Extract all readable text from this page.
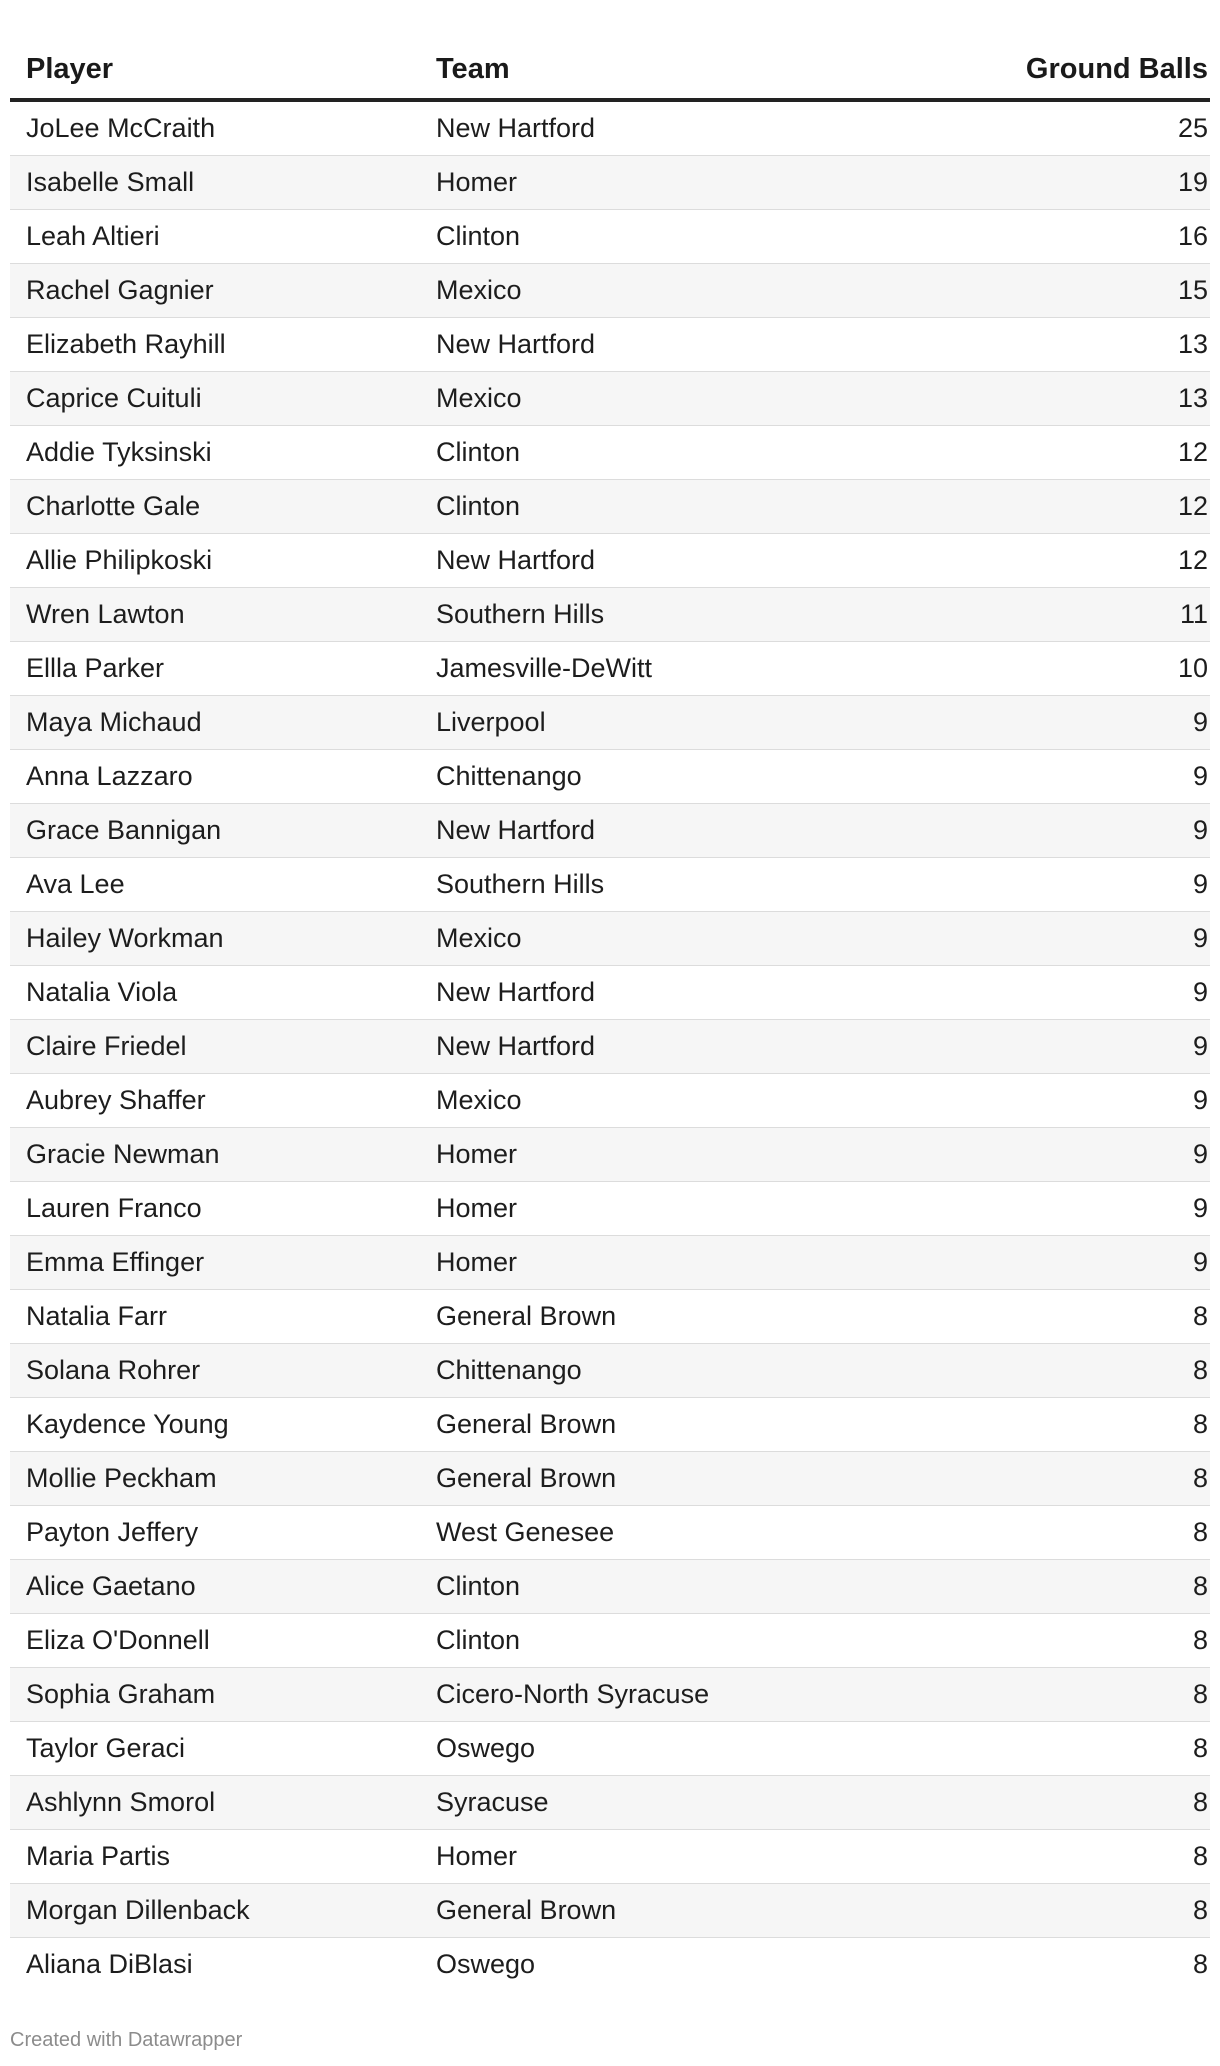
Player	Team	Ground Balls
JoLee McCraith	New Hartford	25
Isabelle Small	Homer	19
Leah Altieri	Clinton	16
Rachel Gagnier	Mexico	15
Elizabeth Rayhill	New Hartford	13
Caprice Cuituli	Mexico	13
Addie Tyksinski	Clinton	12
Charlotte Gale	Clinton	12
Allie Philipkoski	New Hartford	12
Wren Lawton	Southern Hills	11
Ellla Parker	Jamesville-DeWitt	10
Maya Michaud	Liverpool	9
Anna Lazzaro	Chittenango	9
Grace Bannigan	New Hartford	9
Ava Lee	Southern Hills	9
Hailey Workman	Mexico	9
Natalia Viola	New Hartford	9
Claire Friedel	New Hartford	9
Aubrey Shaffer	Mexico	9
Gracie Newman	Homer	9
Lauren Franco	Homer	9
Emma Effinger	Homer	9
Natalia Farr	General Brown	8
Solana Rohrer	Chittenango	8
Kaydence Young	General Brown	8
Mollie Peckham	General Brown	8
Payton Jeffery	West Genesee	8
Alice Gaetano	Clinton	8
Eliza O'Donnell	Clinton	8
Sophia Graham	Cicero-North Syracuse	8
Taylor Geraci	Oswego	8
Ashlynn Smorol	Syracuse	8
Maria Partis	Homer	8
Morgan Dillenback	General Brown	8
Aliana DiBlasi	Oswego	8
Created with Datawrapper
